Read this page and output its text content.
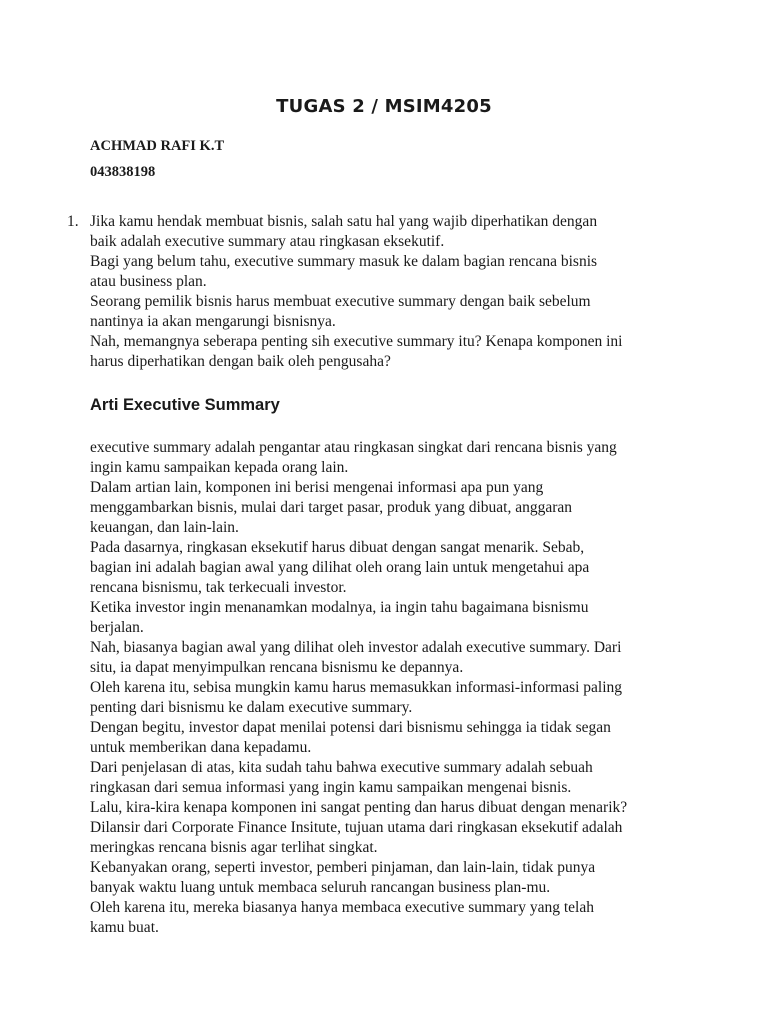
TUGAS 2 / MSIM4205
ACHMAD RAFI K.T
043838198
1. Jika kamu hendak membuat bisnis, salah satu hal yang wajib diperhatikan dengan
baik adalah executive summary atau ringkasan eksekutif.
Bagi yang belum tahu, executive summary masuk ke dalam bagian rencana bisnis
atau business plan.
Seorang pemilik bisnis harus membuat executive summary dengan baik sebelum
nantinya ia akan mengarungi bisnisnya.
Nah, memangnya seberapa penting sih executive summary itu? Kenapa komponen ini
harus diperhatikan dengan baik oleh pengusaha?
Arti Executive Summary
executive summary adalah pengantar atau ringkasan singkat dari rencana bisnis yang
ingin kamu sampaikan kepada orang lain.
Dalam artian lain, komponen ini berisi mengenai informasi apa pun yang
menggambarkan bisnis, mulai dari target pasar, produk yang dibuat, anggaran
keuangan, dan lain-lain.
Pada dasarnya, ringkasan eksekutif harus dibuat dengan sangat menarik. Sebab,
bagian ini adalah bagian awal yang dilihat oleh orang lain untuk mengetahui apa
rencana bisnismu, tak terkecuali investor.
Ketika investor ingin menanamkan modalnya, ia ingin tahu bagaimana bisnismu
berjalan.
Nah, biasanya bagian awal yang dilihat oleh investor adalah executive summary. Dari
situ, ia dapat menyimpulkan rencana bisnismu ke depannya.
Oleh karena itu, sebisa mungkin kamu harus memasukkan informasi-informasi paling
penting dari bisnismu ke dalam executive summary.
Dengan begitu, investor dapat menilai potensi dari bisnismu sehingga ia tidak segan
untuk memberikan dana kepadamu.
Dari penjelasan di atas, kita sudah tahu bahwa executive summary adalah sebuah
ringkasan dari semua informasi yang ingin kamu sampaikan mengenai bisnis.
Lalu, kira-kira kenapa komponen ini sangat penting dan harus dibuat dengan menarik?
Dilansir dari Corporate Finance Insitute, tujuan utama dari ringkasan eksekutif adalah
meringkas rencana bisnis agar terlihat singkat.
Kebanyakan orang, seperti investor, pemberi pinjaman, dan lain-lain, tidak punya
banyak waktu luang untuk membaca seluruh rancangan business plan-mu.
Oleh karena itu, mereka biasanya hanya membaca executive summary yang telah
kamu buat.
